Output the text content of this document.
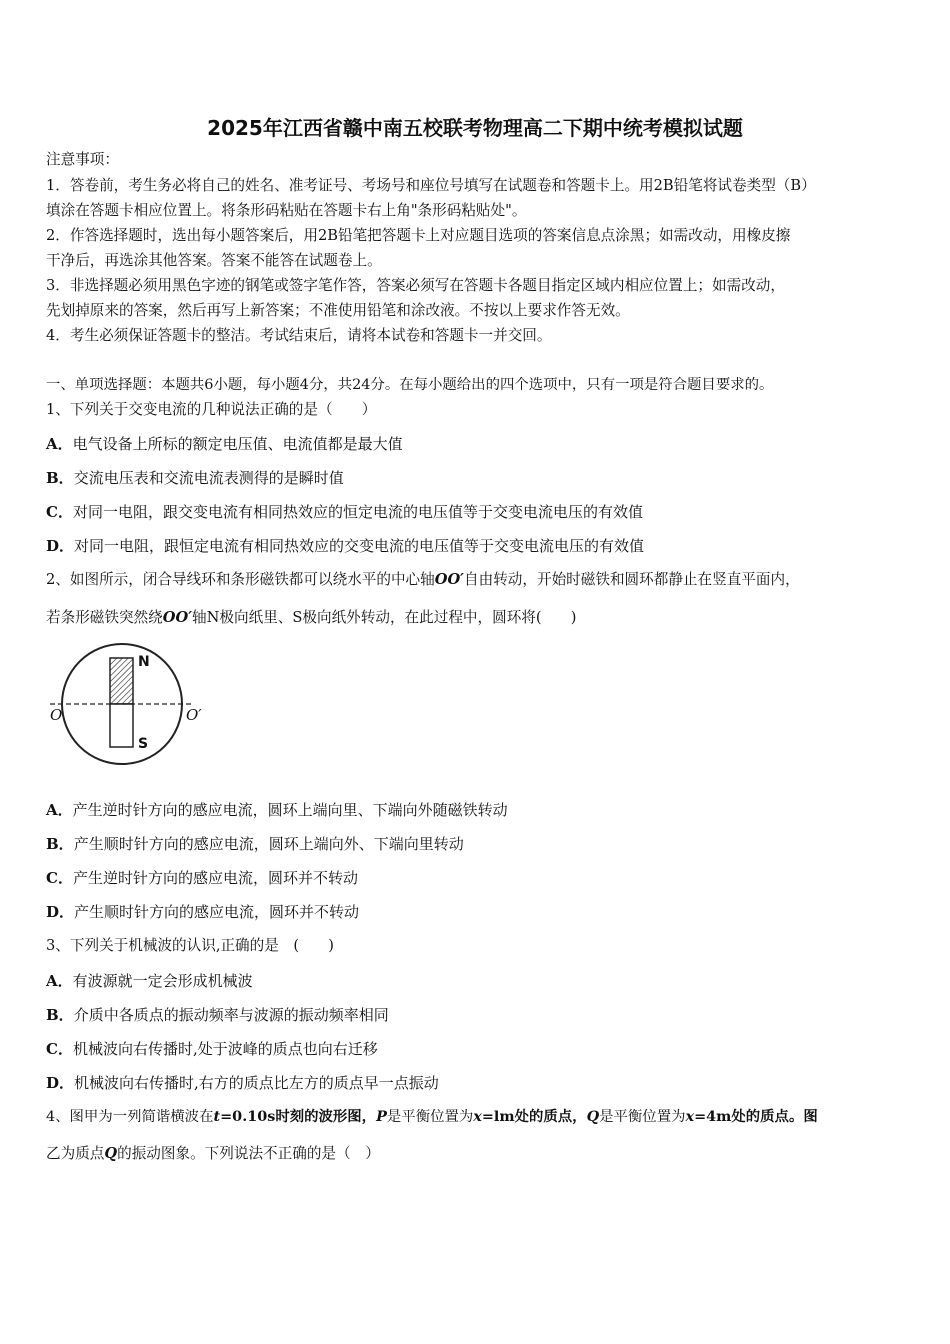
2025年江西省赣中南五校联考物理高二下期中统考模拟试题
注意事项：
1．答卷前，考生务必将自己的姓名、准考证号、考场号和座位号填写在试题卷和答题卡上。用2B铅笔将试卷类型（B）
填涂在答题卡相应位置上。将条形码粘贴在答题卡右上角"条形码粘贴处"。
2．作答选择题时，选出每小题答案后，用2B铅笔把答题卡上对应题目选项的答案信息点涂黑；如需改动，用橡皮擦
干净后，再选涂其他答案。答案不能答在试题卷上。
3．非选择题必须用黑色字迹的钢笔或签字笔作答，答案必须写在答题卡各题目指定区域内相应位置上；如需改动，
先划掉原来的答案，然后再写上新答案；不准使用铅笔和涂改液。不按以上要求作答无效。
4．考生必须保证答题卡的整洁。考试结束后，请将本试卷和答题卡一并交回。
一、单项选择题：本题共6小题，每小题4分，共24分。在每小题给出的四个选项中，只有一项是符合题目要求的。
1、下列关于交变电流的几种说法正确的是（　　）
A．电气设备上所标的额定电压值、电流值都是最大值
B．交流电压表和交流电流表测得的是瞬时值
C．对同一电阻，跟交变电流有相同热效应的恒定电流的电压值等于交变电流电压的有效值
D．对同一电阻，跟恒定电流有相同热效应的交变电流的电压值等于交变电流电压的有效值
2、如图所示，闭合导线环和条形磁铁都可以绕水平的中心轴OO′自由转动，开始时磁铁和圆环都静止在竖直平面内，
若条形磁铁突然绕OO′轴N极向纸里、S极向纸外转动，在此过程中，圆环将(　　)
N
S
O	O′
A．产生逆时针方向的感应电流，圆环上端向里、下端向外随磁铁转动
B．产生顺时针方向的感应电流，圆环上端向外、下端向里转动
C．产生逆时针方向的感应电流，圆环并不转动
D．产生顺时针方向的感应电流，圆环并不转动
3、下列关于机械波的认识,正确的是　(　　)
A．有波源就一定会形成机械波
B．介质中各质点的振动频率与波源的振动频率相同
C．机械波向右传播时,处于波峰的质点也向右迁移
D．机械波向右传播时,右方的质点比左方的质点早一点振动
4、图甲为一列简谐横波在t=0.10s时刻的波形图，P是平衡位置为x=lm处的质点，Q是平衡位置为x=4m处的质点。图
乙为质点Q的振动图象。下列说法不正确的是（　）
